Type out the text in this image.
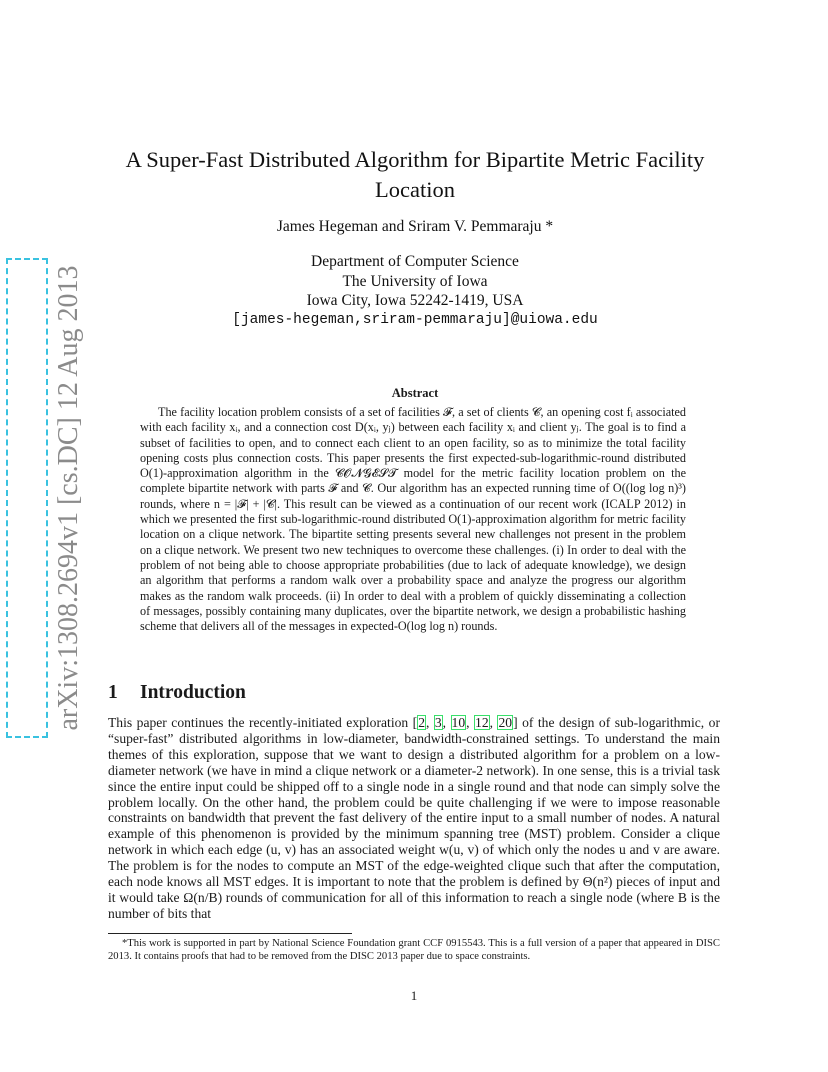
arXiv:1308.2694v1 [cs.DC] 12 Aug 2013
A Super-Fast Distributed Algorithm for Bipartite Metric Facility Location
James Hegeman and Sriram V. Pemmaraju *
Department of Computer Science
The University of Iowa
Iowa City, Iowa 52242-1419, USA
[james-hegeman,sriram-pemmaraju]@uiowa.edu
Abstract

The facility location problem consists of a set of facilities 𝓕, a set of clients 𝓒, an opening cost fᵢ associated with each facility xᵢ, and a connection cost D(xᵢ, yⱼ) between each facility xᵢ and client yⱼ. The goal is to find a subset of facilities to open, and to connect each client to an open facility, so as to minimize the total facility opening costs plus connection costs. This paper presents the first expected-sub-logarithmic-round distributed O(1)-approximation algorithm in the 𝓒𝓞𝓝𝓖𝓔𝓢𝓣 model for the metric facility location problem on the complete bipartite network with parts 𝓕 and 𝓒. Our algorithm has an expected running time of O((log log n)³) rounds, where n = |𝓕| + |𝓒|. This result can be viewed as a continuation of our recent work (ICALP 2012) in which we presented the first sub-logarithmic-round distributed O(1)-approximation algorithm for metric facility location on a clique network. The bipartite setting presents several new challenges not present in the problem on a clique network. We present two new techniques to overcome these challenges. (i) In order to deal with the problem of not being able to choose appropriate probabilities (due to lack of adequate knowledge), we design an algorithm that performs a random walk over a probability space and analyze the progress our algorithm makes as the random walk proceeds. (ii) In order to deal with a problem of quickly disseminating a collection of messages, possibly containing many duplicates, over the bipartite network, we design a probabilistic hashing scheme that delivers all of the messages in expected-O(log log n) rounds.

1 Introduction

This paper continues the recently-initiated exploration [2, 3, 10, 12, 20] of the design of sub-logarithmic, or “super-fast” distributed algorithms in low-diameter, bandwidth-constrained settings. To understand the main themes of this exploration, suppose that we want to design a distributed algorithm for a problem on a low-diameter network (we have in mind a clique network or a diameter-2 network). In one sense, this is a trivial task since the entire input could be shipped off to a single node in a single round and that node can simply solve the problem locally. On the other hand, the problem could be quite challenging if we were to impose reasonable constraints on bandwidth that prevent the fast delivery of the entire input to a small number of nodes. A natural example of this phenomenon is provided by the minimum spanning tree (MST) problem. Consider a clique network in which each edge (u, v) has an associated weight w(u, v) of which only the nodes u and v are aware. The problem is for the nodes to compute an MST of the edge-weighted clique such that after the computation, each node knows all MST edges. It is important to note that the problem is defined by Θ(n²) pieces of input and it would take Ω(n/B) rounds of communication for all of this information to reach a single node (where B is the number of bits that

*This work is supported in part by National Science Foundation grant CCF 0915543. This is a full version of a paper that appeared in DISC 2013. It contains proofs that had to be removed from the DISC 2013 paper due to space constraints.

1
